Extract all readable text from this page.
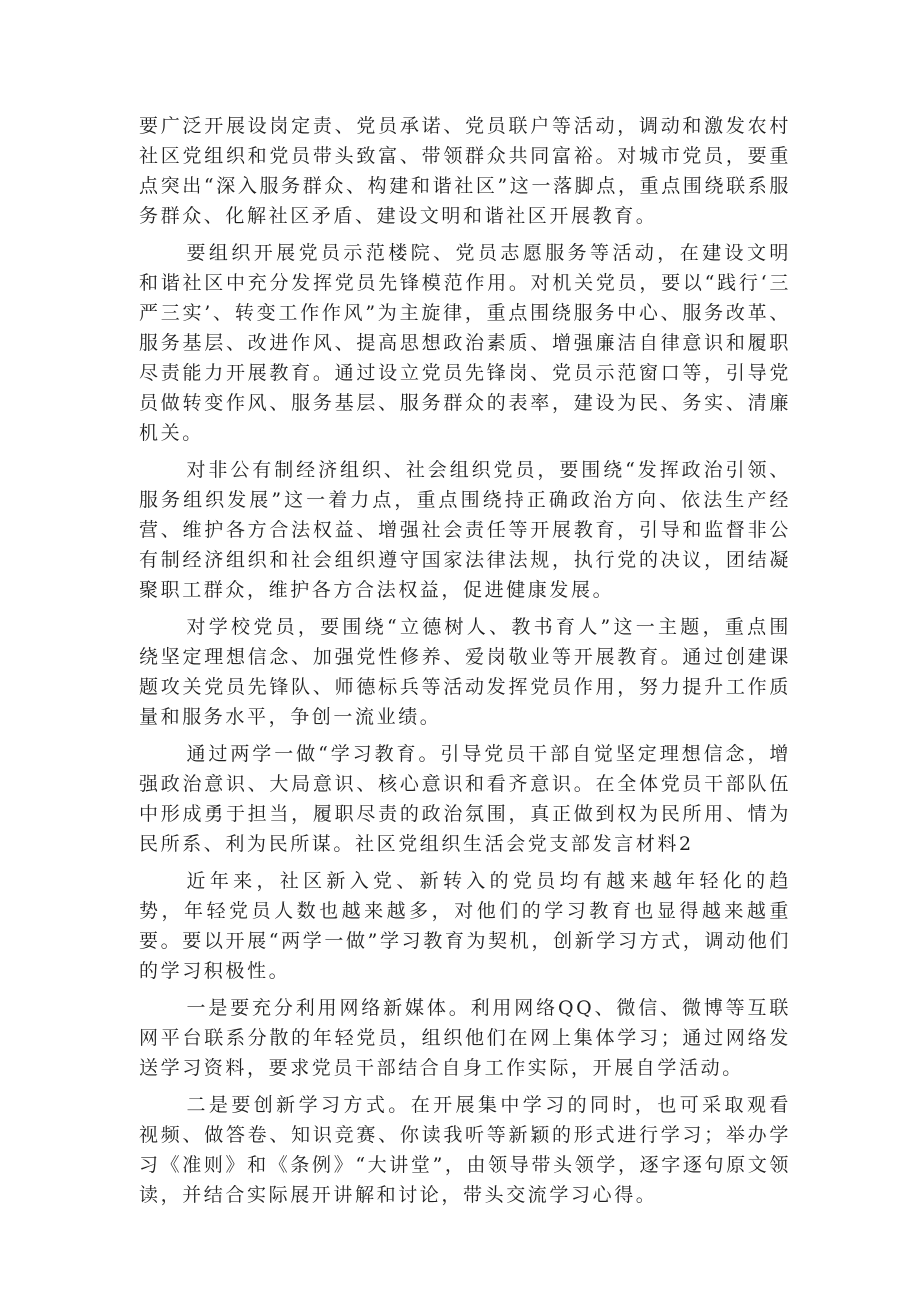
要广泛开展设岗定责、党员承诺、党员联户等活动，调动和激发农村社区党组织和党员带头致富、带领群众共同富裕。对城市党员，要重点突出“深入服务群众、构建和谐社区”这一落脚点，重点围绕联系服务群众、化解社区矛盾、建设文明和谐社区开展教育。

要组织开展党员示范楼院、党员志愿服务等活动，在建设文明和谐社区中充分发挥党员先锋模范作用。对机关党员，要以“践行‘三严三实’、转变工作作风”为主旋律，重点围绕服务中心、服务改革、服务基层、改进作风、提高思想政治素质、增强廉洁自律意识和履职尽责能力开展教育。通过设立党员先锋岗、党员示范窗口等，引导党员做转变作风、服务基层、服务群众的表率，建设为民、务实、清廉机关。

对非公有制经济组织、社会组织党员，要围绕“发挥政治引领、服务组织发展”这一着力点，重点围绕持正确政治方向、依法生产经营、维护各方合法权益、增强社会责任等开展教育，引导和监督非公有制经济组织和社会组织遵守国家法律法规，执行党的决议，团结凝聚职工群众，维护各方合法权益，促进健康发展。

对学校党员，要围绕“立德树人、教书育人”这一主题，重点围绕坚定理想信念、加强党性修养、爱岗敬业等开展教育。通过创建课题攻关党员先锋队、师德标兵等活动发挥党员作用，努力提升工作质量和服务水平，争创一流业绩。

通过两学一做“学习教育。引导党员干部自觉坚定理想信念，增强政治意识、大局意识、核心意识和看齐意识。在全体党员干部队伍中形成勇于担当，履职尽责的政治氛围，真正做到权为民所用、情为民所系、利为民所谋。社区党组织生活会党支部发言材料2

近年来，社区新入党、新转入的党员均有越来越年轻化的趋势，年轻党员人数也越来越多，对他们的学习教育也显得越来越重要。要以开展“两学一做”学习教育为契机，创新学习方式，调动他们的学习积极性。

一是要充分利用网络新媒体。利用网络QQ、微信、微博等互联网平台联系分散的年轻党员，组织他们在网上集体学习；通过网络发送学习资料，要求党员干部结合自身工作实际，开展自学活动。

二是要创新学习方式。在开展集中学习的同时，也可采取观看视频、做答卷、知识竞赛、你读我听等新颖的形式进行学习；举办学习《准则》和《条例》“大讲堂”，由领导带头领学，逐字逐句原文领读，并结合实际展开讲解和讨论，带头交流学习心得。
